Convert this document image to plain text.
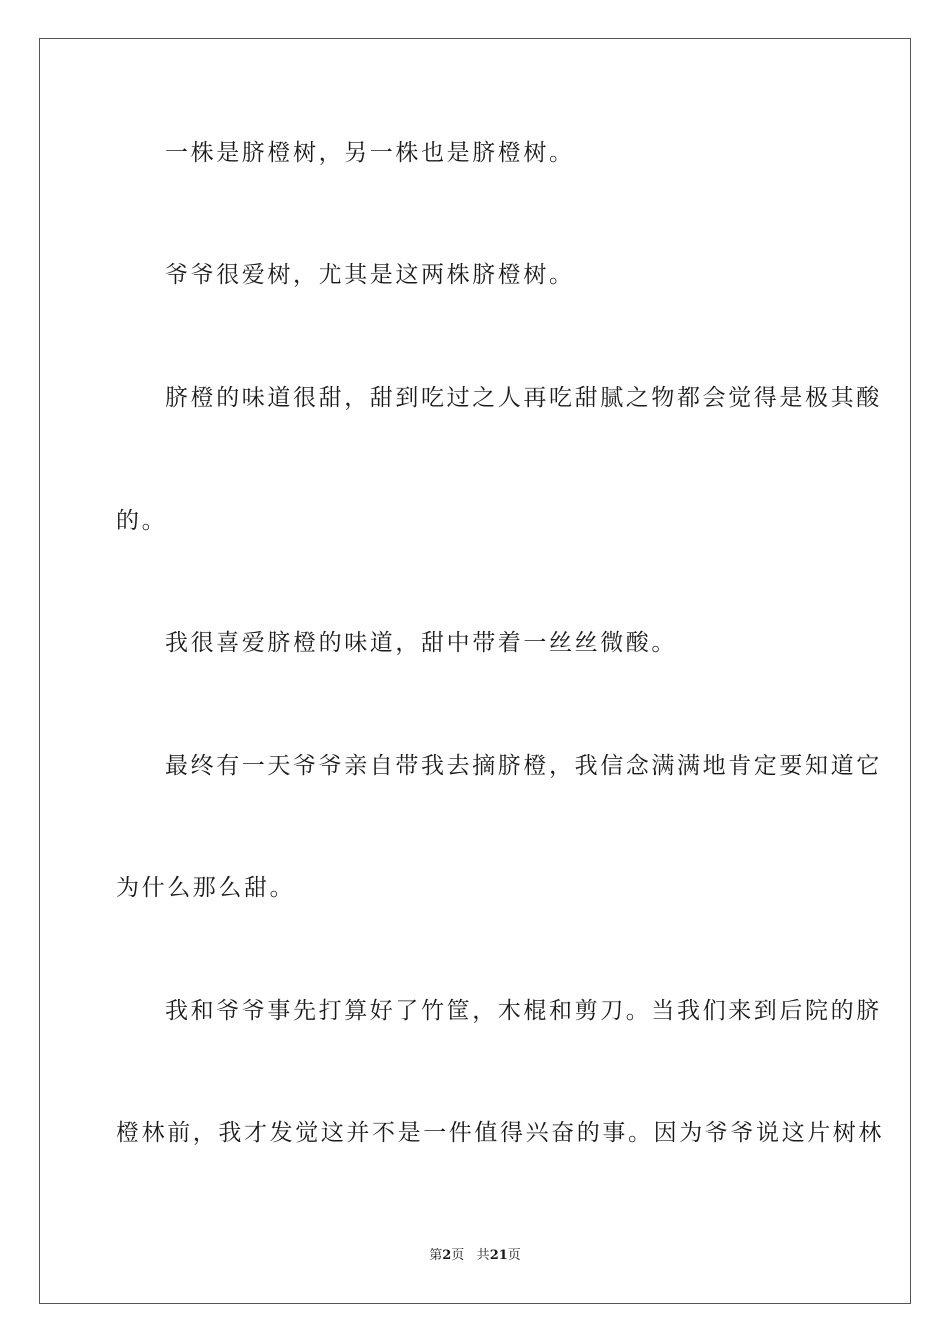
一株是脐橙树，另一株也是脐橙树。
爷爷很爱树，尤其是这两株脐橙树。
脐橙的味道很甜，甜到吃过之人再吃甜腻之物都会觉得是极其酸
的。
我很喜爱脐橙的味道，甜中带着一丝丝微酸。
最终有一天爷爷亲自带我去摘脐橙，我信念满满地肯定要知道它
为什么那么甜。
我和爷爷事先打算好了竹筐，木棍和剪刀。当我们来到后院的脐
橙林前，我才发觉这并不是一件值得兴奋的事。因为爷爷说这片树林
第2页 共21页
